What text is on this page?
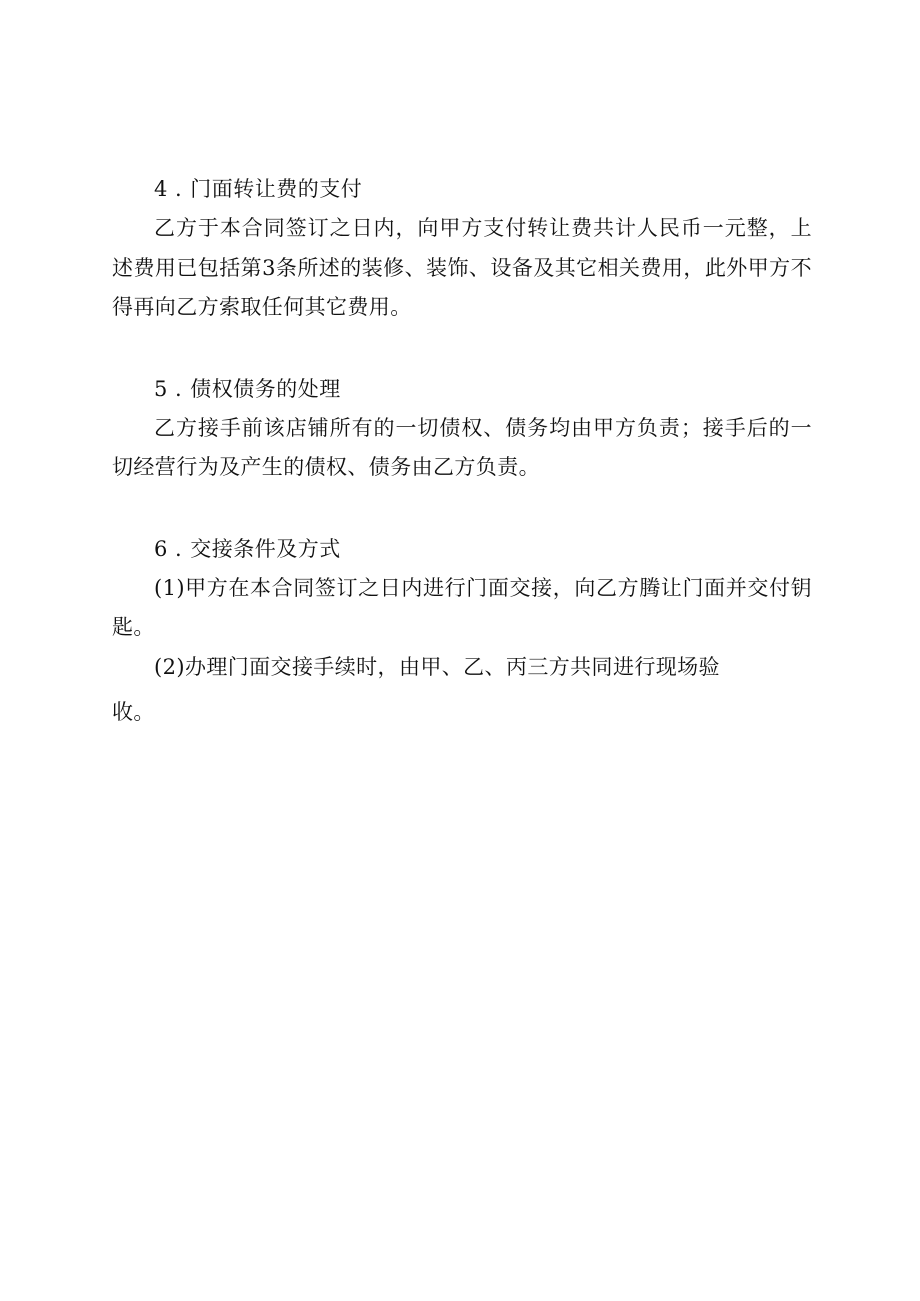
4 . 门面转让费的支付

乙方于本合同签订之日内，向甲方支付转让费共计人民币一元整，上述费用已包括第3条所述的装修、装饰、设备及其它相关费用，此外甲方不得再向乙方索取任何其它费用。

5 . 债权债务的处理

乙方接手前该店铺所有的一切债权、债务均由甲方负责；接手后的一切经营行为及产生的债权、债务由乙方负责。

6 . 交接条件及方式

(1)甲方在本合同签订之日内进行门面交接，向乙方腾让门面并交付钥匙。

(2)办理门面交接手续时，由甲、乙、丙三方共同进行现场验

收。
